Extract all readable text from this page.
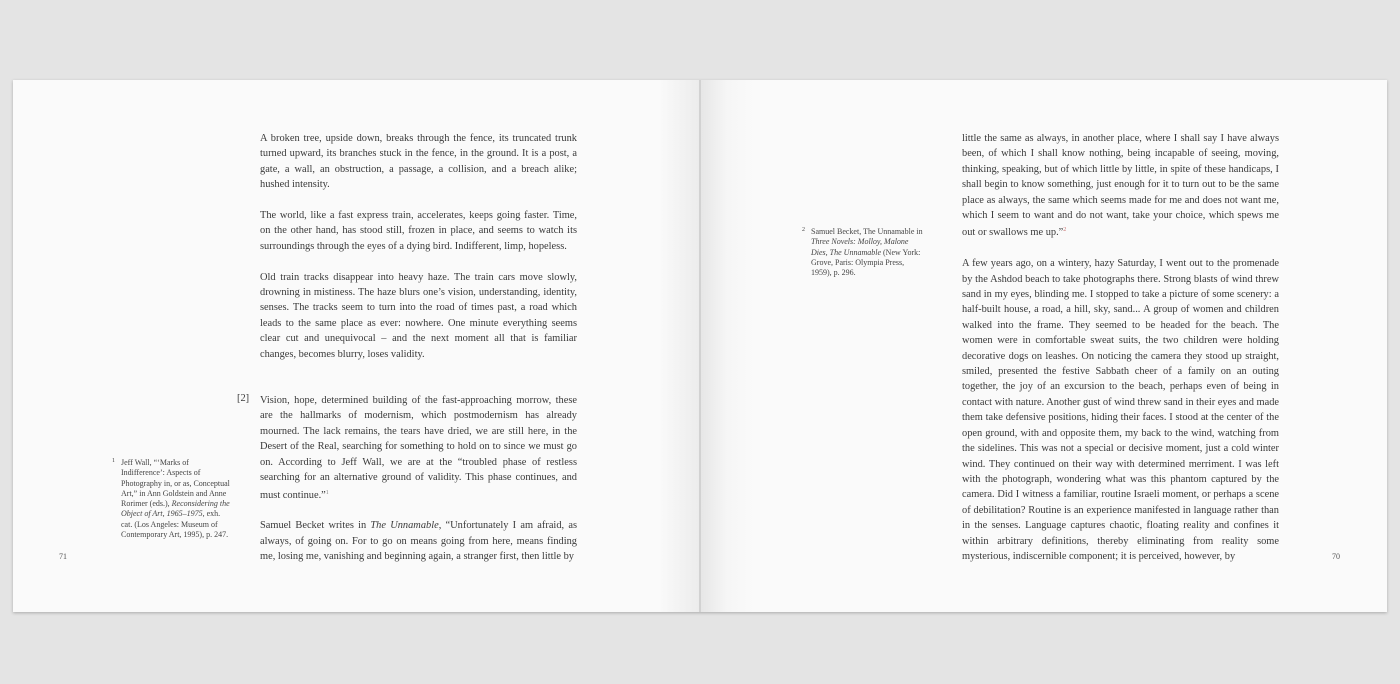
A broken tree, upside down, breaks through the fence, its truncated trunk turned upward, its branches stuck in the fence, in the ground. It is a post, a gate, a wall, an obstruction, a passage, a collision, and a breach alike; hushed intensity.

The world, like a fast express train, accelerates, keeps going faster. Time, on the other hand, has stood still, frozen in place, and seems to watch its surroundings through the eyes of a dying bird. Indifferent, limp, hopeless.

Old train tracks disappear into heavy haze. The train cars move slowly, drowning in mistiness. The haze blurs one’s vision, understanding, identity, senses. The tracks seem to turn into the road of times past, a road which leads to the same place as ever: nowhere. One minute everything seems clear cut and unequivocal – and the next moment all that is familiar changes, becomes blurry, loses validity.

Vision, hope, determined building of the fast-approaching morrow, these are the hallmarks of modernism, which postmodernism has already mourned. The lack remains, the tears have dried, we are still here, in the Desert of the Real, searching for something to hold on to since we must go on. According to Jeff Wall, we are at the “troubled phase of restless searching for an alternative ground of validity. This phase continues, and must continue.”$^1$

Samuel Becket writes in The Unnamable, “Unfortunately I am afraid, as always, of going on. For to go on means going from here, means finding me, losing me, vanishing and beginning again, a stranger first, then little by

[2]
1 Jeff Wall, “‘Marks of Indifference’: Aspects of Photography in, or as, Conceptual Art,” in Ann Goldstein and Anne Rorimer (eds.), Reconsidering the Object of Art, 1965–1975, exh. cat. (Los Angeles: Museum of Contemporary Art, 1995), p. 247.
71

little the same as always, in another place, where I shall say I have always been, of which I shall know nothing, being incapable of seeing, moving, thinking, speaking, but of which little by little, in spite of these handicaps, I shall begin to know something, just enough for it to turn out to be the same place as always, the same which seems made for me and does not want me, which I seem to want and do not want, take your choice, which spews me out or swallows me up.”$^2$

A few years ago, on a wintery, hazy Saturday, I went out to the promenade by the Ashdod beach to take photographs there. Strong blasts of wind threw sand in my eyes, blinding me. I stopped to take a picture of some scenery: a half-built house, a road, a hill, sky, sand... A group of women and children walked into the frame. They seemed to be headed for the beach. The women were in comfortable sweat suits, the two children were holding decorative dogs on leashes. On noticing the camera they stood up straight, smiled, presented the festive Sabbath cheer of a family on an outing together, the joy of an excursion to the beach, perhaps even of being in contact with nature. Another gust of wind threw sand in their eyes and made them take defensive positions, hiding their faces. I stood at the center of the open ground, with and opposite them, my back to the wind, watching from the sidelines. This was not a special or decisive moment, just a cold winter wind. They continued on their way with determined merriment. I was left with the photograph, wondering what was this phantom captured by the camera. Did I witness a familiar, routine Israeli moment, or perhaps a scene of debilitation? Routine is an experience manifested in language rather than in the senses. Language captures chaotic, floating reality and confines it within arbitrary definitions, thereby eliminating from reality some mysterious, indiscernible component; it is perceived, however, by

2 Samuel Becket, The Unnamable in Three Novels: Molloy, Malone Dies, The Unnamable (New York: Grove, Paris: Olympia Press, 1959), p. 296.
70
